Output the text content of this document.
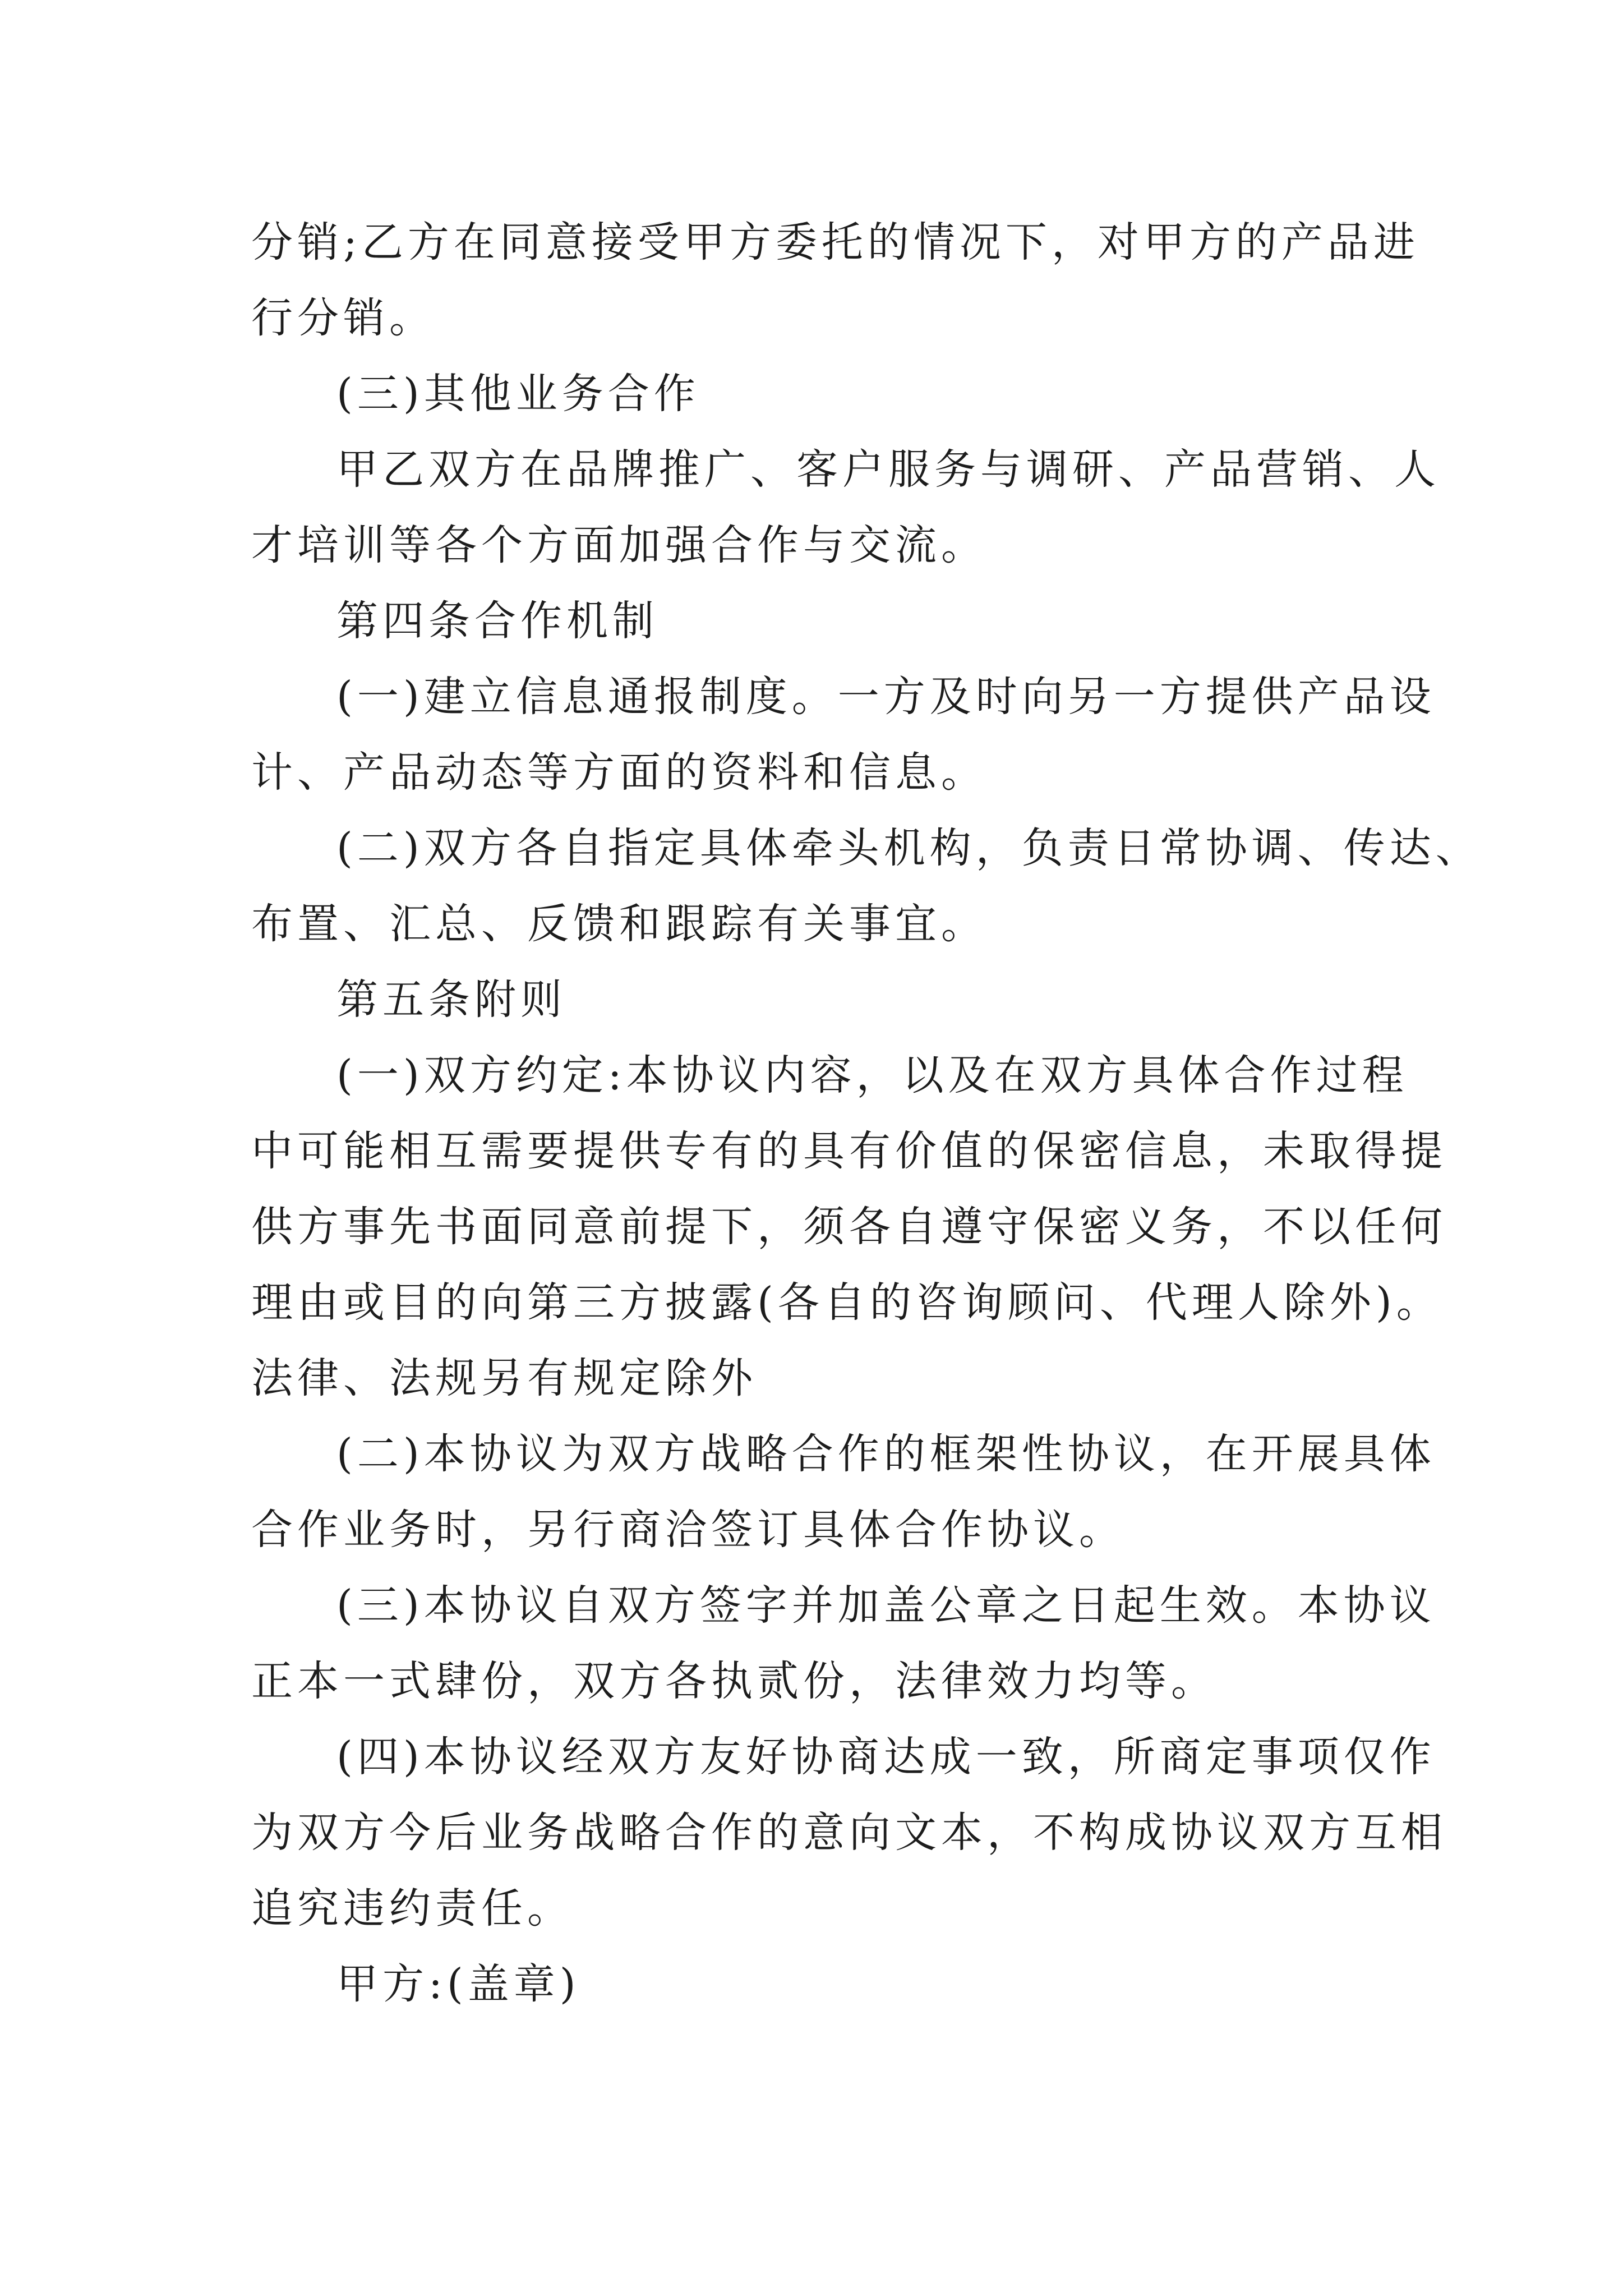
分销;乙方在同意接受甲方委托的情况下，对甲方的产品进

行分销。

(三)其他业务合作

甲乙双方在品牌推广、客户服务与调研、产品营销、人

才培训等各个方面加强合作与交流。

第四条合作机制

(一)建立信息通报制度。一方及时向另一方提供产品设

计、产品动态等方面的资料和信息。

(二)双方各自指定具体牵头机构，负责日常协调、传达、

布置、汇总、反馈和跟踪有关事宜。

第五条附则

(一)双方约定:本协议内容，以及在双方具体合作过程

中可能相互需要提供专有的具有价值的保密信息，未取得提

供方事先书面同意前提下，须各自遵守保密义务，不以任何

理由或目的向第三方披露(各自的咨询顾问、代理人除外)。

法律、法规另有规定除外

(二)本协议为双方战略合作的框架性协议，在开展具体

合作业务时，另行商洽签订具体合作协议。

(三)本协议自双方签字并加盖公章之日起生效。本协议

正本一式肆份，双方各执贰份，法律效力均等。

(四)本协议经双方友好协商达成一致，所商定事项仅作

为双方今后业务战略合作的意向文本，不构成协议双方互相

追究违约责任。

甲方:(盖章)
